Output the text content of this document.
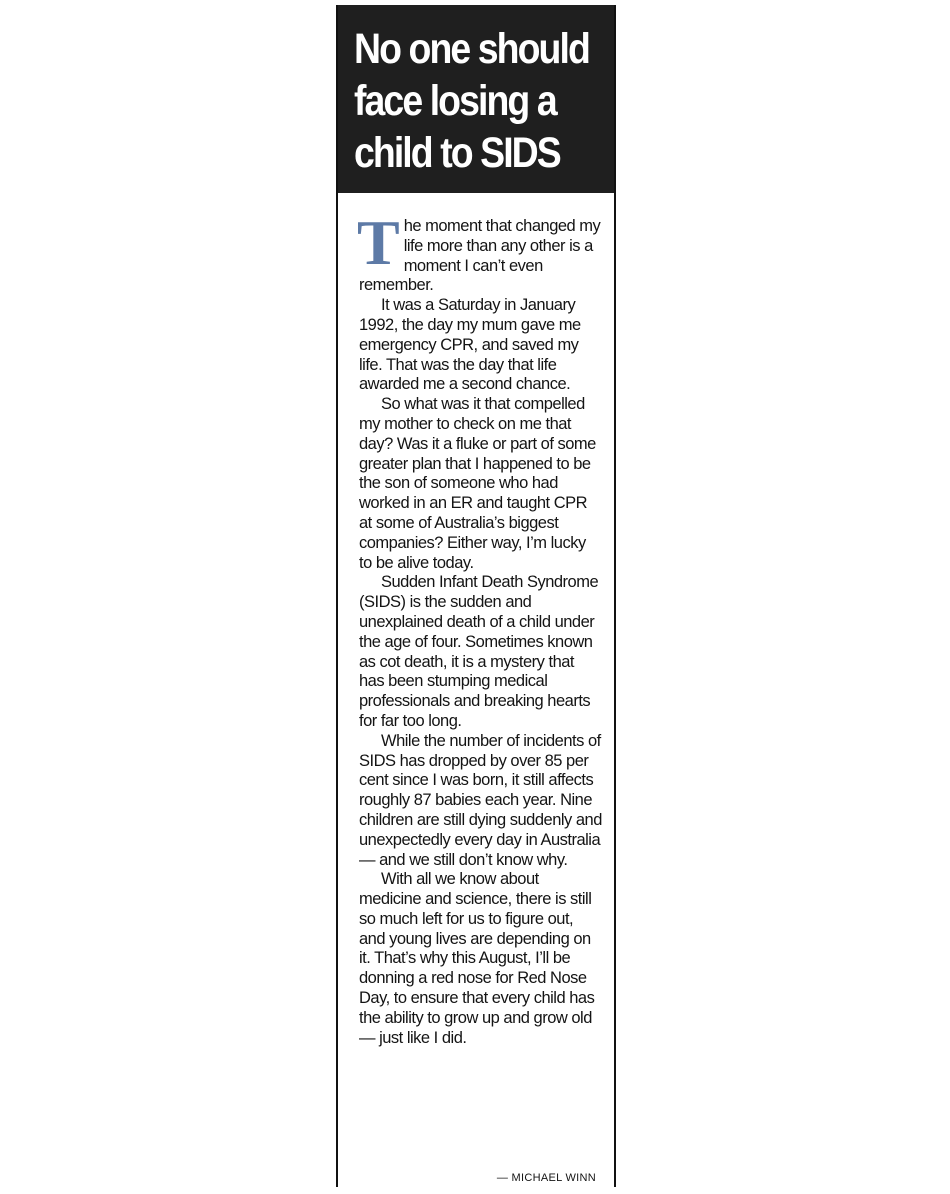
No one should face losing a child to SIDS

The moment that changed my life more than any other is a moment I can’t even remember.

It was a Saturday in January 1992, the day my mum gave me emergency CPR, and saved my life. That was the day that life awarded me a second chance.

So what was it that compelled my mother to check on me that day? Was it a fluke or part of some greater plan that I happened to be the son of someone who had worked in an ER and taught CPR at some of Australia’s biggest companies? Either way, I’m lucky to be alive today.

Sudden Infant Death Syndrome (SIDS) is the sudden and unexplained death of a child under the age of four. Sometimes known as cot death, it is a mystery that has been stumping medical professionals and breaking hearts for far too long.

While the number of incidents of SIDS has dropped by over 85 per cent since I was born, it still affects roughly 87 babies each year. Nine children are still dying suddenly and unexpectedly every day in Australia — and we still don’t know why.

With all we know about medicine and science, there is still so much left for us to figure out, and young lives are depending on it. That’s why this August, I’ll be donning a red nose for Red Nose Day, to ensure that every child has the ability to grow up and grow old — just like I did.

— MICHAEL WINN
